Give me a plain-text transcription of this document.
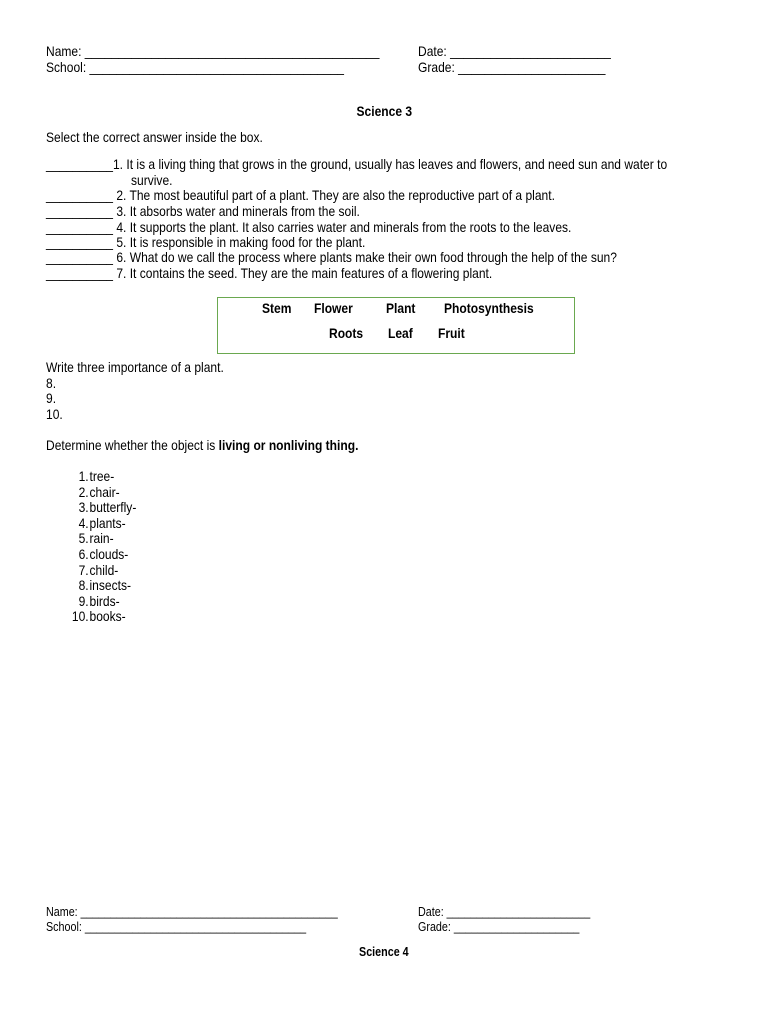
Name: ____________________________________________	Date: ________________________
School: ______________________________________	Grade: ______________________
Science 3
Select the correct answer inside the box.
__________1. It is a living thing that grows in the ground, usually has leaves and flowers, and need sun and water to
survive.
__________ 2. The most beautiful part of a plant. They are also the reproductive part of a plant.
__________ 3. It absorbs water and minerals from the soil.
__________ 4. It supports the plant. It also carries water and minerals from the roots to the leaves.
__________ 5. It is responsible in making food for the plant.
__________ 6. What do we call the process where plants make their own food through the help of the sun?
__________ 7. It contains the seed. They are the main features of a flowering plant.
Stem Flower Plant Photosynthesis
Roots Leaf Fruit
Write three importance of a plant.
8.
9.
10.
Determine whether the object is living or nonliving thing.
1. tree-
2. chair-
3. butterfly-
4. plants-
5. rain-
6. clouds-
7. child-
8. insects-
9. birds-
10. books-
Name: ___________________________________________	Date: ________________________
School: _____________________________________	Grade: _____________________
Science 4
